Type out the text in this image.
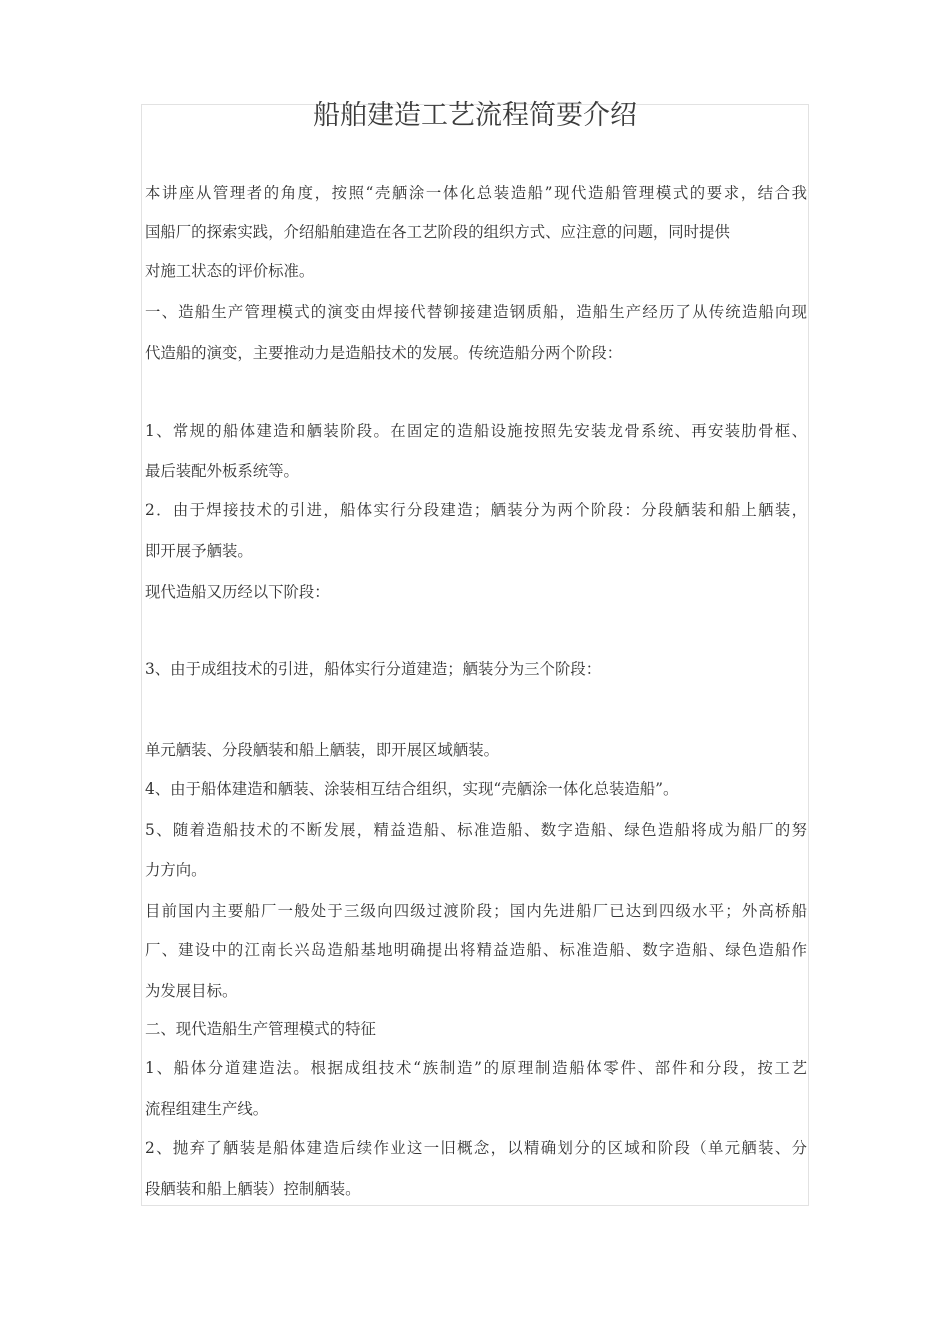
船舶建造工艺流程简要介绍

本讲座从管理者的角度，按照“壳舾涂一体化总装造船”现代造船管理模式的要求，结合我

国船厂的探索实践，介绍船舶建造在各工艺阶段的组织方式、应注意的问题，同时提供

对施工状态的评价标准。

一、造船生产管理模式的演变由焊接代替铆接建造钢质船，造船生产经历了从传统造船向现

代造船的演变，主要推动力是造船技术的发展。传统造船分两个阶段：

1、常规的船体建造和舾装阶段。在固定的造船设施按照先安装龙骨系统、再安装肋骨框、

最后装配外板系统等。

2．由于焊接技术的引进，船体实行分段建造；舾装分为两个阶段：分段舾装和船上舾装，

即开展予舾装。

现代造船又历经以下阶段：

3、由于成组技术的引进，船体实行分道建造；舾装分为三个阶段：

单元舾装、分段舾装和船上舾装，即开展区域舾装。

4、由于船体建造和舾装、涂装相互结合组织，实现“壳舾涂一体化总装造船”。

5、随着造船技术的不断发展，精益造船、标准造船、数字造船、绿色造船将成为船厂的努

力方向。

目前国内主要船厂一般处于三级向四级过渡阶段；国内先进船厂已达到四级水平；外高桥船

厂、建设中的江南长兴岛造船基地明确提出将精益造船、标准造船、数字造船、绿色造船作

为发展目标。

二、现代造船生产管理模式的特征

1、船体分道建造法。根据成组技术“族制造”的原理制造船体零件、部件和分段，按工艺

流程组建生产线。

2、抛弃了舾装是船体建造后续作业这一旧概念，以精确划分的区域和阶段（单元舾装、分

段舾装和船上舾装）控制舾装。
